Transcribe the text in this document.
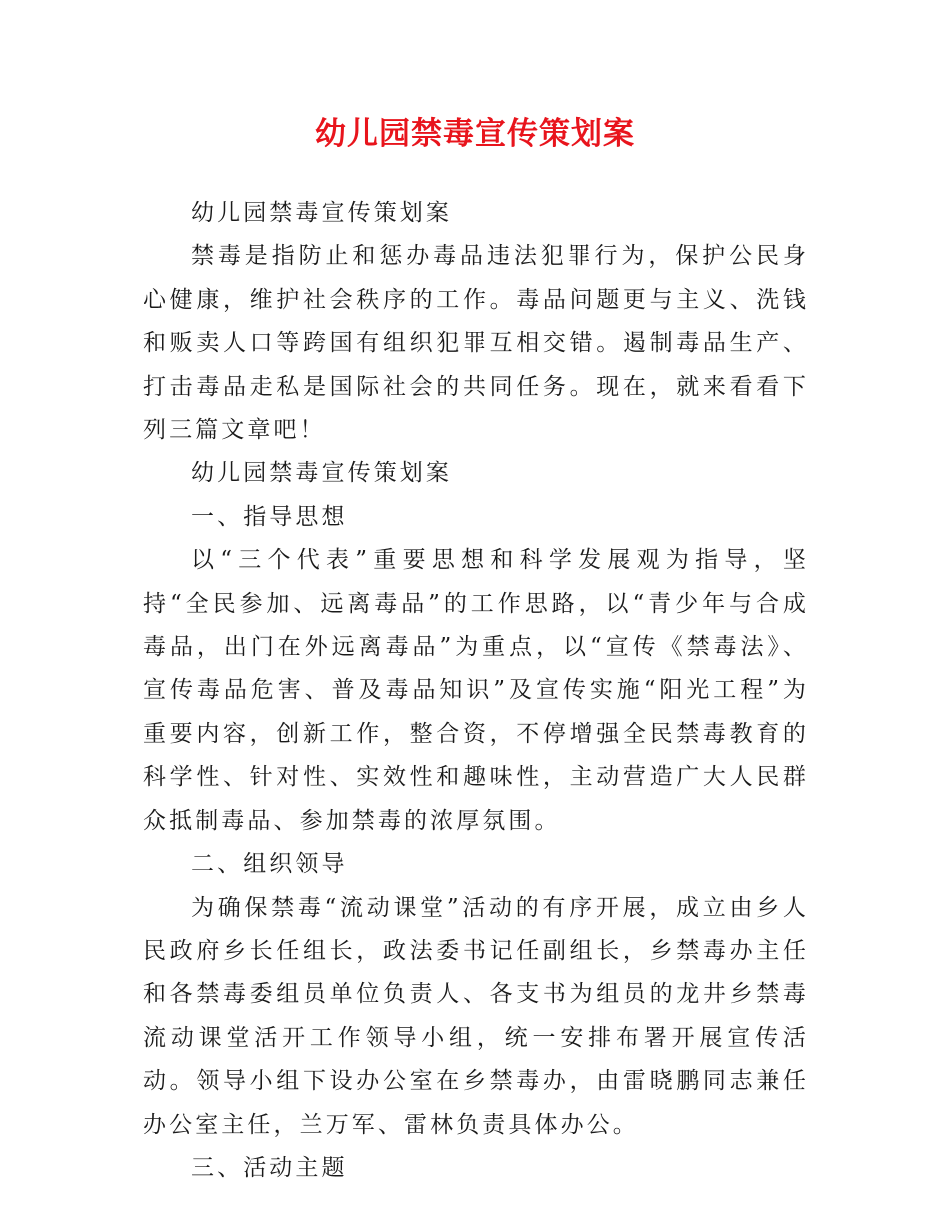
幼儿园禁毒宣传策划案

幼儿园禁毒宣传策划案

禁毒是指防止和惩办毒品违法犯罪行为，保护公民身心健康，维护社会秩序的工作。毒品问题更与主义、洗钱和贩卖人口等跨国有组织犯罪互相交错。遏制毒品生产、打击毒品走私是国际社会的共同任务。现在，就来看看下列三篇文章吧！

幼儿园禁毒宣传策划案

一、指导思想

以“三个代表”重要思想和科学发展观为指导，坚持“全民参加、远离毒品”的工作思路，以“青少年与合成毒品，出门在外远离毒品”为重点，以“宣传《禁毒法》、宣传毒品危害、普及毒品知识”及宣传实施“阳光工程”为重要内容，创新工作，整合资，不停增强全民禁毒教育的科学性、针对性、实效性和趣味性，主动营造广大人民群众抵制毒品、参加禁毒的浓厚氛围。

二、组织领导

为确保禁毒“流动课堂”活动的有序开展，成立由乡人民政府乡长任组长，政法委书记任副组长，乡禁毒办主任和各禁毒委组员单位负责人、各支书为组员的龙井乡禁毒流动课堂活开工作领导小组，统一安排布署开展宣传活动。领导小组下设办公室在乡禁毒办，由雷晓鹏同志兼任办公室主任，兰万军、雷林负责具体办公。

三、活动主题
